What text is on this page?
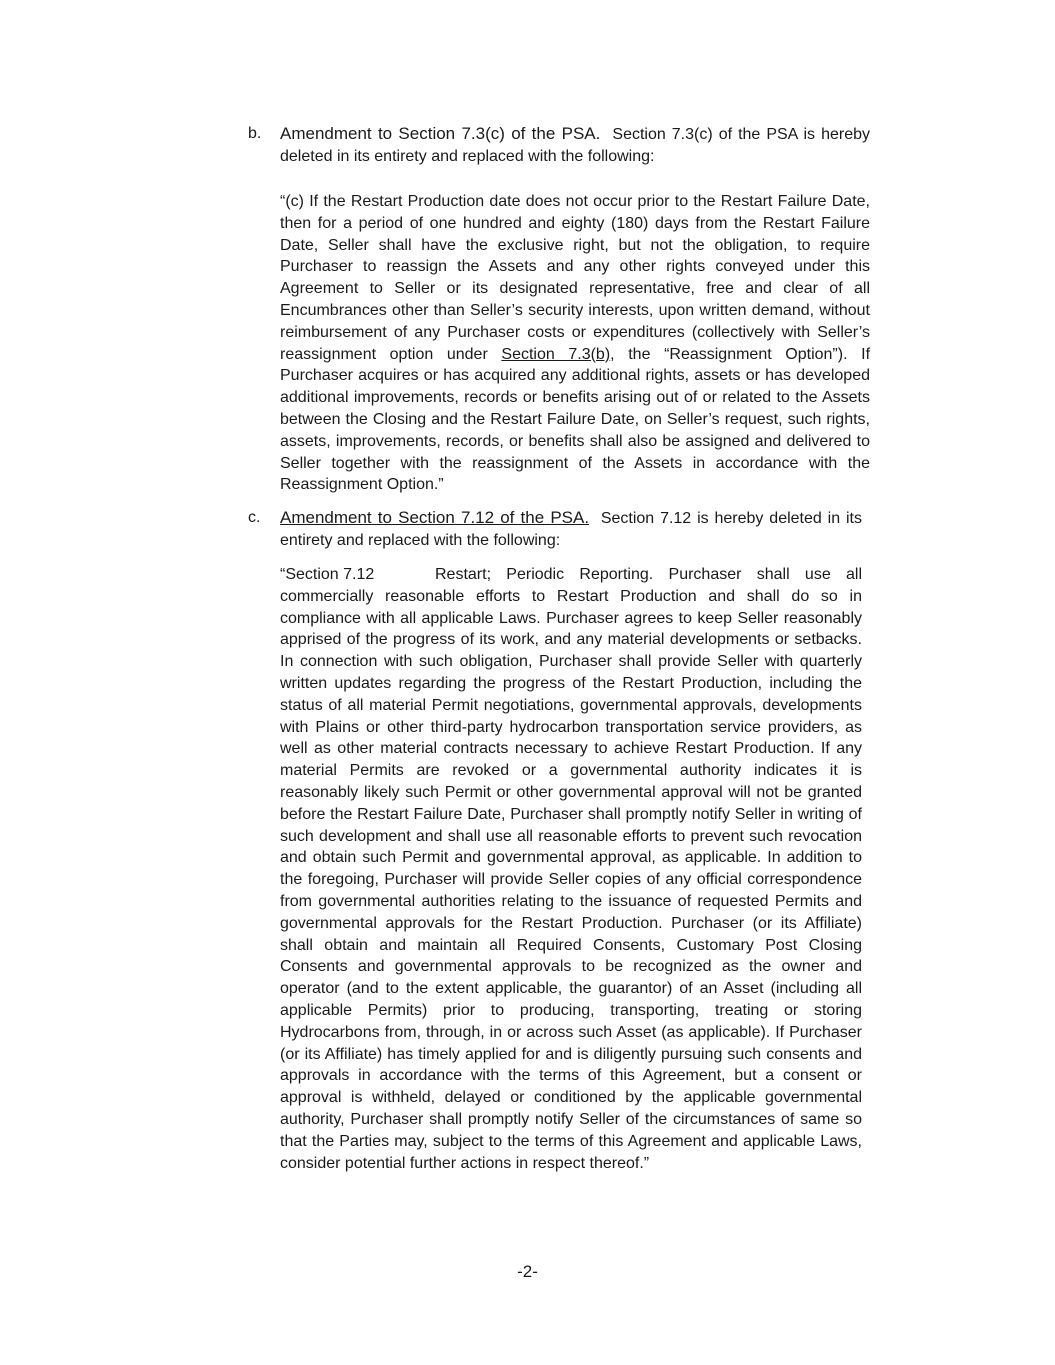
b.	Amendment to Section 7.3(c) of the PSA. Section 7.3(c) of the PSA is hereby deleted in its entirety and replaced with the following:
“(c) If the Restart Production date does not occur prior to the Restart Failure Date, then for a period of one hundred and eighty (180) days from the Restart Failure Date, Seller shall have the exclusive right, but not the obligation, to require Purchaser to reassign the Assets and any other rights conveyed under this Agreement to Seller or its designated representative, free and clear of all Encumbrances other than Seller’s security interests, upon written demand, without reimbursement of any Purchaser costs or expenditures (collectively with Seller’s reassignment option under Section 7.3(b), the “Reassignment Option”). If Purchaser acquires or has acquired any additional rights, assets or has developed additional improvements, records or benefits arising out of or related to the Assets between the Closing and the Restart Failure Date, on Seller’s request, such rights, assets, improvements, records, or benefits shall also be assigned and delivered to Seller together with the reassignment of the Assets in accordance with the Reassignment Option.”
c.	Amendment to Section 7.12 of the PSA. Section 7.12 is hereby deleted in its entirety and replaced with the following:
“Section 7.12	Restart; Periodic Reporting. Purchaser shall use all commercially reasonable efforts to Restart Production and shall do so in compliance with all applicable Laws. Purchaser agrees to keep Seller reasonably apprised of the progress of its work, and any material developments or setbacks. In connection with such obligation, Purchaser shall provide Seller with quarterly written updates regarding the progress of the Restart Production, including the status of all material Permit negotiations, governmental approvals, developments with Plains or other third-party hydrocarbon transportation service providers, as well as other material contracts necessary to achieve Restart Production. If any material Permits are revoked or a governmental authority indicates it is reasonably likely such Permit or other governmental approval will not be granted before the Restart Failure Date, Purchaser shall promptly notify Seller in writing of such development and shall use all reasonable efforts to prevent such revocation and obtain such Permit and governmental approval, as applicable. In addition to the foregoing, Purchaser will provide Seller copies of any official correspondence from governmental authorities relating to the issuance of requested Permits and governmental approvals for the Restart Production. Purchaser (or its Affiliate) shall obtain and maintain all Required Consents, Customary Post Closing Consents and governmental approvals to be recognized as the owner and operator (and to the extent applicable, the guarantor) of an Asset (including all applicable Permits) prior to producing, transporting, treating or storing Hydrocarbons from, through, in or across such Asset (as applicable). If Purchaser (or its Affiliate) has timely applied for and is diligently pursuing such consents and approvals in accordance with the terms of this Agreement, but a consent or approval is withheld, delayed or conditioned by the applicable governmental authority, Purchaser shall promptly notify Seller of the circumstances of same so that the Parties may, subject to the terms of this Agreement and applicable Laws, consider potential further actions in respect thereof.”
-2-
